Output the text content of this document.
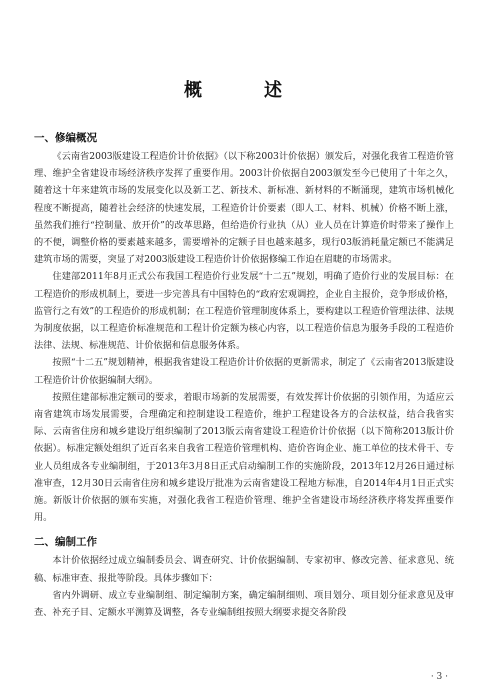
概　述
一、修编概况

《云南省2003版建设工程造价计价依据》（以下称2003计价依据）颁发后，对强化我省工程造价管理、维护全省建设市场经济秩序发挥了重要作用。2003计价依据自2003颁发至今已使用了十年之久，随着这十年来建筑市场的发展变化以及新工艺、新技术、新标准、新材料的不断涌现，建筑市场机械化程度不断提高，随着社会经济的快速发展，工程造价计价要素（即人工、材料、机械）价格不断上涨，虽然我们推行“控制量、放开价”的改革思路，但给造价行业执（从）业人员在计算造价时带来了操作上的不便，调整价格的要素越来越多，需要增补的定额子目也越来越多，现行03版消耗量定额已不能满足建筑市场的需要，突显了对2003版建设工程造价计价依据修编工作迫在眉睫的市场需求。

住建部2011年8月正式公布我国工程造价行业发展“十二五”规划，明确了造价行业的发展目标：在工程造价的形成机制上，要进一步完善具有中国特色的“政府宏观调控，企业自主报价，竞争形成价格，监管行之有效”的工程造价的形成机制；在工程造价管理制度体系上，要构建以工程造价管理法律、法规为制度依据，以工程造价标准规范和工程计价定额为核心内容，以工程造价信息为服务手段的工程造价法律、法规、标准规范、计价依据和信息服务体系。

按照“十二五”规划精神，根据我省建设工程造价计价依据的更新需求，制定了《云南省2013版建设工程造价计价依据编制大纲》。

按照住建部标准定额司的要求，着眼市场新的发展需要，有效发挥计价依据的引领作用，为适应云南省建筑市场发展需要，合理确定和控制建设工程造价，维护工程建设各方的合法权益，结合我省实际、云南省住房和城乡建设厅组织编制了2013版云南省建设工程造价计价依据（以下简称2013版计价依据）。标准定额处组织了近百名来自我省工程造价管理机构、造价咨询企业、施工单位的技术骨干、专业人员组成各专业编制组，于2013年3月8日正式启动编制工作的实施阶段，2013年12月26日通过标准审查，12月30日云南省住房和城乡建设厅批准为云南省建设工程地方标准，自2014年4月1日正式实施。新版计价依据的颁布实施，对强化我省工程造价管理、维护全省建设市场经济秩序将发挥重要作用。

二、编制工作

本计价依据经过成立编制委员会、调查研究、计价依据编制、专家初审、修改完善、征求意见、统稿、标准审查、报批等阶段。具体步骤如下：

省内外调研、成立专业编制组、制定编制方案，确定编制细则、项目划分、项目划分征求意见及审查、补充子目、定额水平测算及调整，各专业编制组按照大纲要求提交各阶段

· 3 ·
